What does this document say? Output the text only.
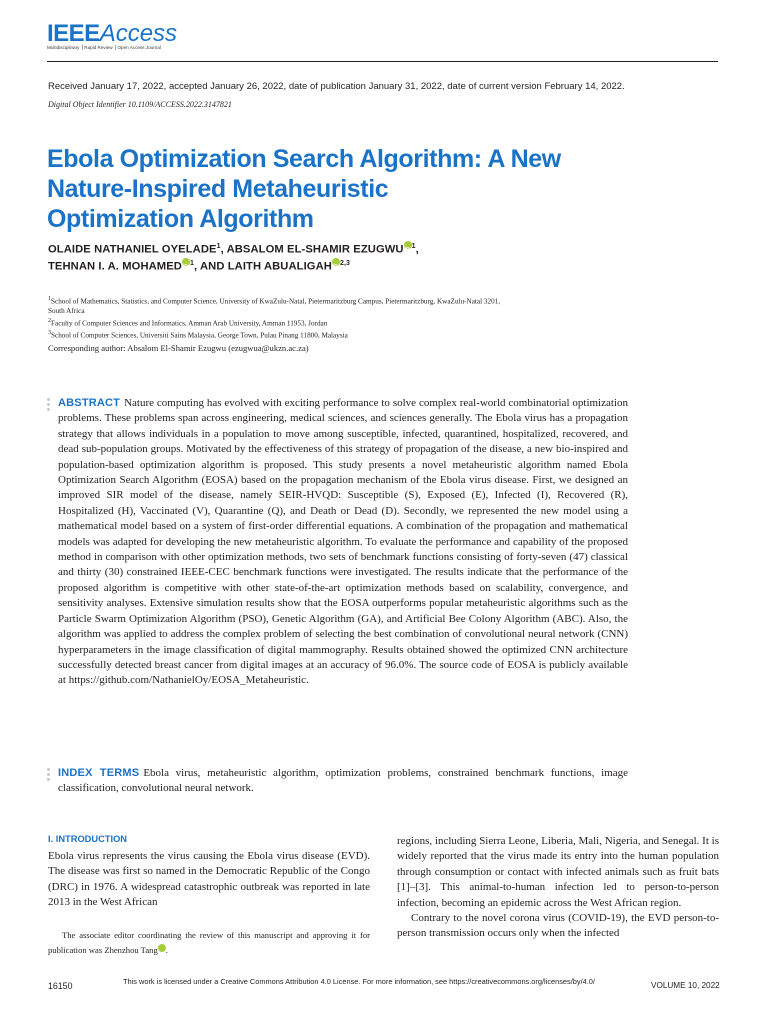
IEEEAccess
Multidisciplinary ⎟ Rapid Review ⎟ Open Access Journal
Received January 17, 2022, accepted January 26, 2022, date of publication January 31, 2022, date of current version February 14, 2022.
Digital Object Identifier 10.1109/ACCESS.2022.3147821
Ebola Optimization Search Algorithm: A New
Nature-Inspired Metaheuristic
Optimization Algorithm
OLAIDE NATHANIEL OYELADE$^1$, ABSALOM EL-SHAMIR EZUGWU iD $^1$,
TEHNAN I. A. MOHAMED iD $^1$, AND LAITH ABUALIGAH iD $^{2,3}$
$^1$School of Mathematics, Statistics, and Computer Science, University of KwaZulu-Natal, Pietermaritzburg Campus, Pietermaritzburg, KwaZulu-Natal 3201,
South Africa
$^2$Faculty of Computer Sciences and Informatics, Amman Arab University, Amman 11953, Jordan
$^3$School of Computer Sciences, Universiti Sains Malaysia, George Town, Pulau Pinang 11800, Malaysia
Corresponding author: Absalom El-Shamir Ezugwu (ezugwua@ukzn.ac.za)
ABSTRACT Nature computing has evolved with exciting performance to solve complex real-world combinatorial optimization problems. These problems span across engineering, medical sciences, and sciences generally. The Ebola virus has a propagation strategy that allows individuals in a population to move among susceptible, infected, quarantined, hospitalized, recovered, and dead sub-population groups. Motivated by the effectiveness of this strategy of propagation of the disease, a new bio-inspired and population-based optimization algorithm is proposed. This study presents a novel metaheuristic algorithm named Ebola Optimization Search Algorithm (EOSA) based on the propagation mechanism of the Ebola virus disease. First, we designed an improved SIR model of the disease, namely SEIR-HVQD: Susceptible (S), Exposed (E), Infected (I), Recovered (R), Hospitalized (H), Vaccinated (V), Quarantine (Q), and Death or Dead (D). Secondly, we represented the new model using a mathematical model based on a system of first-order differential equations. A combination of the propagation and mathematical models was adapted for developing the new metaheuristic algorithm. To evaluate the performance and capability of the proposed method in comparison with other optimization methods, two sets of benchmark functions consisting of forty-seven (47) classical and thirty (30) constrained IEEE-CEC benchmark functions were investigated. The results indicate that the performance of the proposed algorithm is competitive with other state-of-the-art optimization methods based on scalability, convergence, and sensitivity analyses. Extensive simulation results show that the EOSA outperforms popular metaheuristic algorithms such as the Particle Swarm Optimization Algorithm (PSO), Genetic Algorithm (GA), and Artificial Bee Colony Algorithm (ABC). Also, the algorithm was applied to address the complex problem of selecting the best combination of convolutional neural network (CNN) hyperparameters in the image classification of digital mammography. Results obtained showed the optimized CNN architecture successfully detected breast cancer from digital images at an accuracy of 96.0%. The source code of EOSA is publicly available at https://github.com/NathanielOy/EOSA_Metaheuristic.
INDEX TERMS Ebola virus, metaheuristic algorithm, optimization problems, constrained benchmark functions, image classification, convolutional neural network.
I. INTRODUCTION
Ebola virus represents the virus causing the Ebola virus disease (EVD). The disease was first so named in the Democratic Republic of the Congo (DRC) in 1976. A widespread catastrophic outbreak was reported in late 2013 in the West African
The associate editor coordinating the review of this manuscript and approving it for publication was Zhenzhou TangiD
regions, including Sierra Leone, Liberia, Mali, Nigeria, and Senegal. It is widely reported that the virus made its entry into the human population through consumption or contact with infected animals such as fruit bats [1]–[3]. This animal-to-human infection led to person-to-person infection, becoming an epidemic across the West African region.
Contrary to the novel corona virus (COVID-19), the EVD person-to-person transmission occurs only when the infected
16150	This work is licensed under a Creative Commons Attribution 4.0 License. For more information, see https://creativecommons.org/licenses/by/4.0/	VOLUME 10, 2022
